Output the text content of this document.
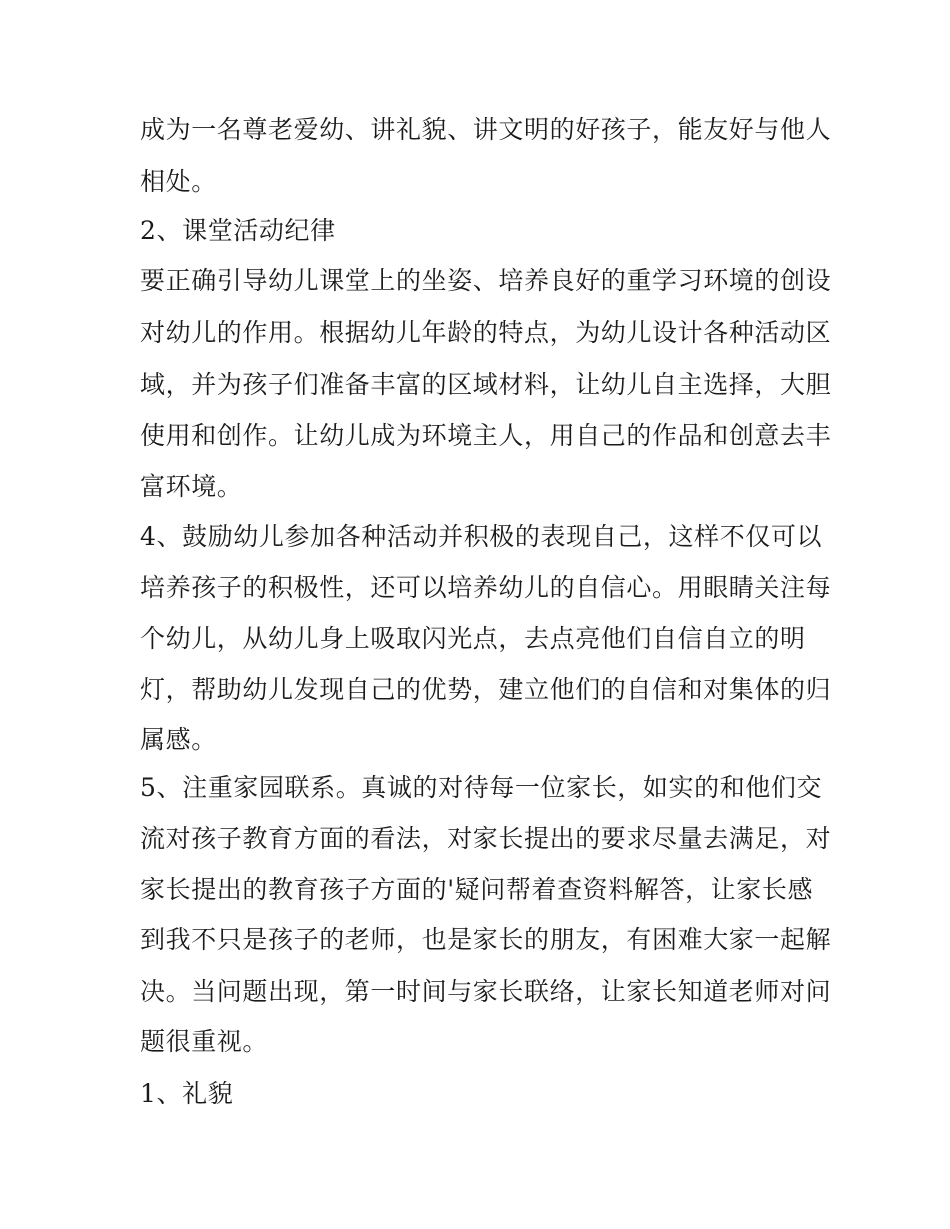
成为一名尊老爱幼、讲礼貌、讲文明的好孩子，能友好与他人
相处。
2、课堂活动纪律
要正确引导幼儿课堂上的坐姿、培养良好的重学习环境的创设
对幼儿的作用。根据幼儿年龄的特点，为幼儿设计各种活动区
域，并为孩子们准备丰富的区域材料，让幼儿自主选择，大胆
使用和创作。让幼儿成为环境主人，用自己的作品和创意去丰
富环境。
4、鼓励幼儿参加各种活动并积极的表现自己，这样不仅可以
培养孩子的积极性，还可以培养幼儿的自信心。用眼睛关注每
个幼儿，从幼儿身上吸取闪光点，去点亮他们自信自立的明
灯，帮助幼儿发现自己的优势，建立他们的自信和对集体的归
属感。
5、注重家园联系。真诚的对待每一位家长，如实的和他们交
流对孩子教育方面的看法，对家长提出的要求尽量去满足，对
家长提出的教育孩子方面的'疑问帮着查资料解答，让家长感
到我不只是孩子的老师，也是家长的朋友，有困难大家一起解
决。当问题出现，第一时间与家长联络，让家长知道老师对问
题很重视。
1、礼貌
